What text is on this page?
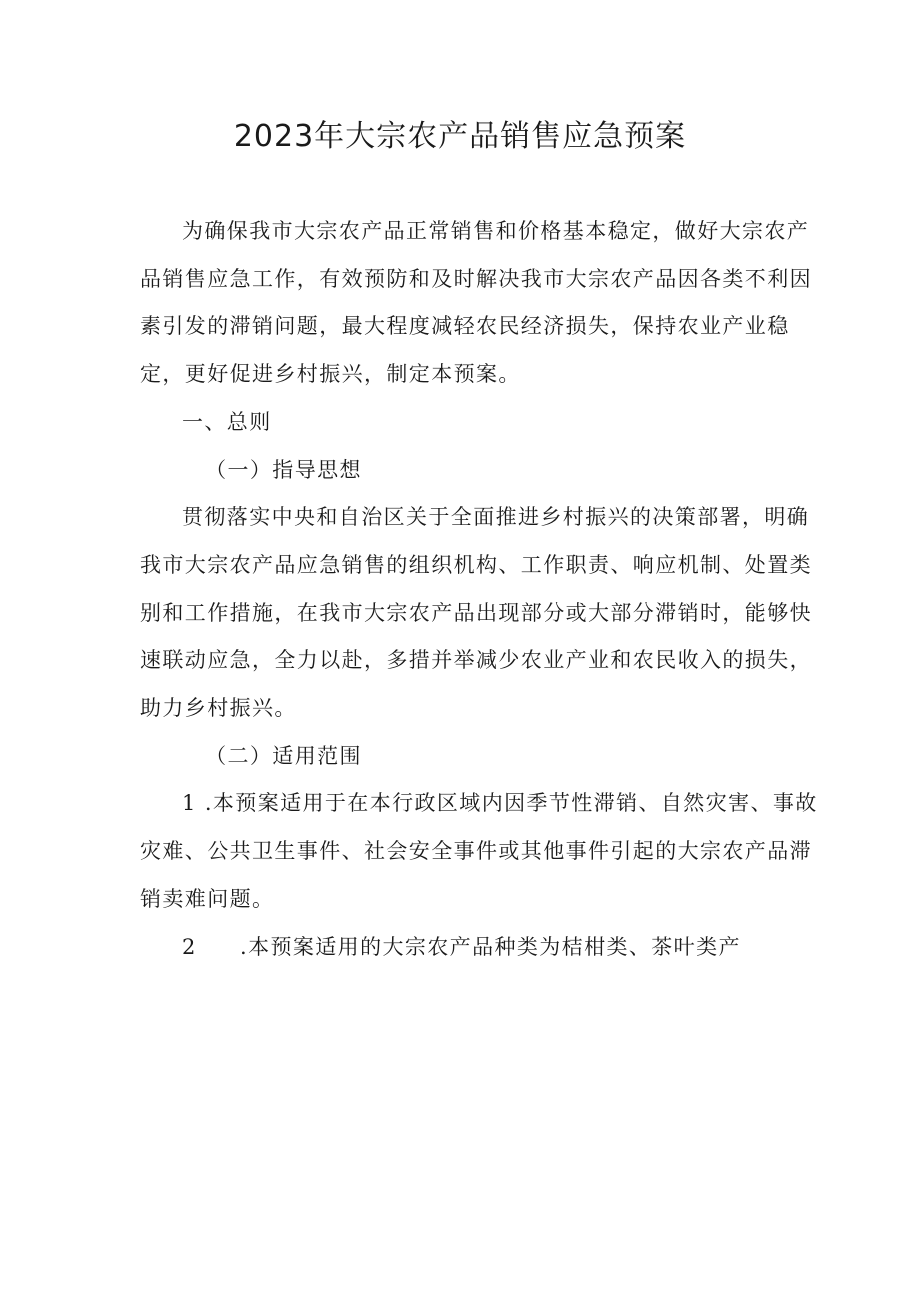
2023年大宗农产品销售应急预案

为确保我市大宗农产品正常销售和价格基本稳定，做好大宗农产品销售应急工作，有效预防和及时解决我市大宗农产品因各类不利因素引发的滞销问题，最大程度减轻农民经济损失，保持农业产业稳定，更好促进乡村振兴，制定本预案。

一、总则

（一）指导思想

贯彻落实中央和自治区关于全面推进乡村振兴的决策部署，明确我市大宗农产品应急销售的组织机构、工作职责、响应机制、处置类别和工作措施，在我市大宗农产品出现部分或大部分滞销时，能够快速联动应急，全力以赴，多措并举减少农业产业和农民收入的损失，助力乡村振兴。

（二）适用范围

1 .本预案适用于在本行政区域内因季节性滞销、自然灾害、事故灾难、公共卫生事件、社会安全事件或其他事件引起的大宗农产品滞销卖难问题。

2 .本预案适用的大宗农产品种类为桔柑类、茶叶类产
